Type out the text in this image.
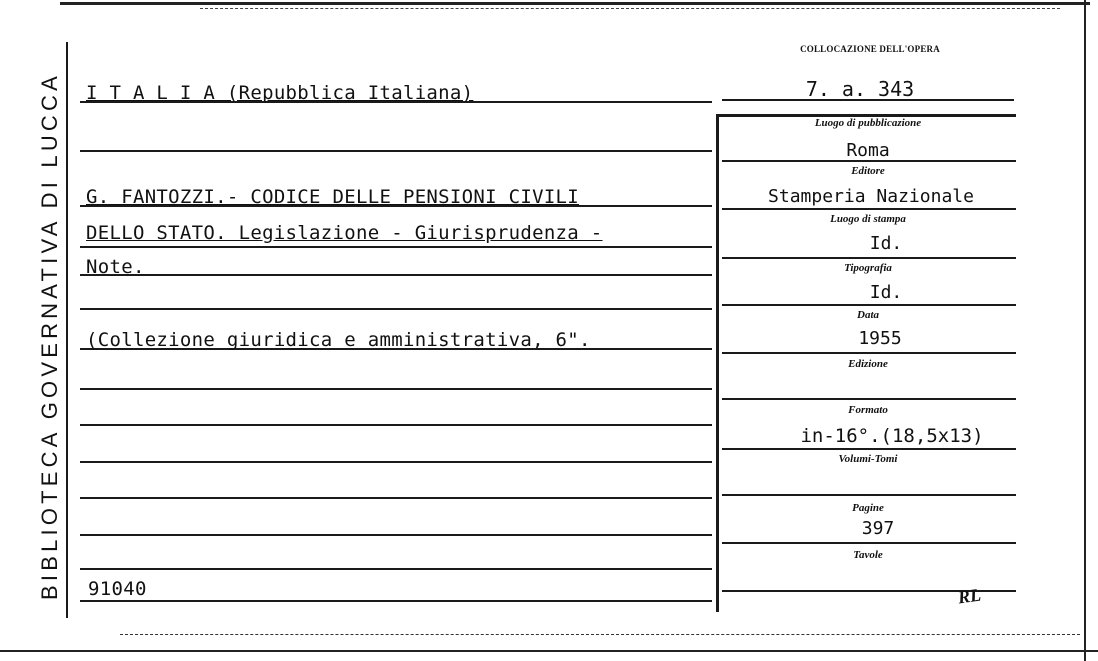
BIBLIOTECA GOVERNATIVA DI LUCCA I T A L I A (Repubblica Italiana)
G. FANTOZZI.- CODICE DELLE PENSIONI CIVILI
DELLO STATO. Legislazione - Giurisprudenza -
Note.
(Collezione giuridica e amministrativa, 6".
91040
COLLOCAZIONE DELL'OPERA
7. a. 343
Luogo di pubblicazione
Editore
Luogo di stampa
Tipografia
Data
Edizione
Formato
Volumi-Tomi
Pagine
Tavole
Roma
Stamperia Nazionale
Id.
Id.
1955
in-16°.(18,5x13)
397
RL
